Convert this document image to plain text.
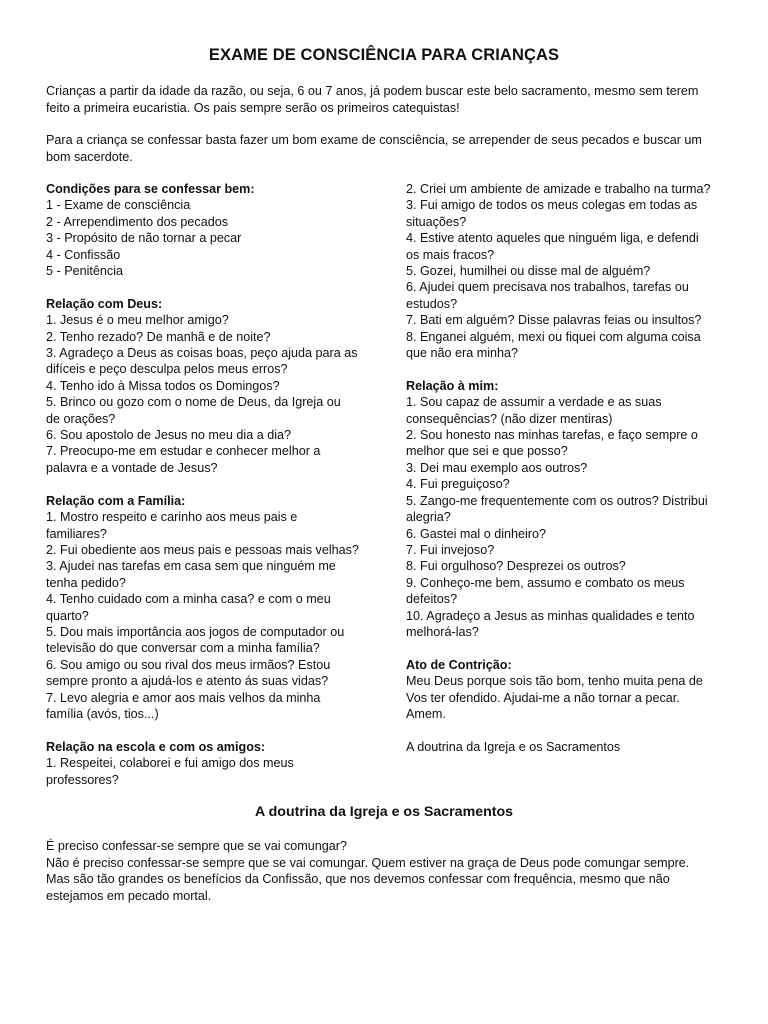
EXAME DE CONSCIÊNCIA PARA CRIANÇAS
Crianças a partir da idade da razão, ou seja, 6 ou 7 anos, já podem buscar este belo sacramento, mesmo sem terem
feito a primeira eucaristia. Os pais sempre serão os primeiros catequistas!
Para a criança se confessar basta fazer um bom exame de consciência, se arrepender de seus pecados e buscar um
bom sacerdote.
Condições para se confessar bem:
1 - Exame de consciência
2 - Arrependimento dos pecados
3 - Propósito de não tornar a pecar
4 - Confissão
5 - Penitência
Relação com Deus:
1. Jesus é o meu melhor amigo?
2. Tenho rezado? De manhã e de noite?
3. Agradeço a Deus as coisas boas, peço ajuda para as
difíceis e peço desculpa pelos meus erros?
4. Tenho ido à Missa todos os Domingos?
5. Brinco ou gozo com o nome de Deus, da Igreja ou
de orações?
6. Sou apostolo de Jesus no meu dia a dia?
7. Preocupo-me em estudar e conhecer melhor a
palavra e a vontade de Jesus?
Relação com a Família:
1. Mostro respeito e carinho aos meus pais e
familiares?
2. Fui obediente aos meus pais e pessoas mais velhas?
3. Ajudei nas tarefas em casa sem que ninguém me
tenha pedido?
4. Tenho cuidado com a minha casa? e com o meu
quarto?
5. Dou mais importância aos jogos de computador ou
televisão do que conversar com a minha família?
6. Sou amigo ou sou rival dos meus irmãos? Estou
sempre pronto a ajudá-los e atento ás suas vidas?
7. Levo alegria e amor aos mais velhos da minha
família (avós, tios...)
Relação na escola e com os amigos:
1. Respeitei, colaborei e fui amigo dos meus
professores?
2. Criei um ambiente de amizade e trabalho na turma?
3. Fui amigo de todos os meus colegas em todas as
situações?
4. Estive atento aqueles que ninguém liga, e defendi
os mais fracos?
5. Gozei, humilhei ou disse mal de alguém?
6. Ajudei quem precisava nos trabalhos, tarefas ou
estudos?
7. Bati em alguém? Disse palavras feias ou insultos?
8. Enganei alguém, mexi ou fiquei com alguma coisa
que não era minha?
Relação à mim:
1. Sou capaz de assumir a verdade e as suas
consequências? (não dizer mentiras)
2. Sou honesto nas minhas tarefas, e faço sempre o
melhor que sei e que posso?
3. Dei mau exemplo aos outros?
4. Fui preguiçoso?
5. Zango-me frequentemente com os outros? Distribui
alegria?
6. Gastei mal o dinheiro?
7. Fui invejoso?
8. Fui orgulhoso? Desprezei os outros?
9. Conheço-me bem, assumo e combato os meus
defeitos?
10. Agradeço a Jesus as minhas qualidades e tento
melhorá-las?
Ato de Contrição:
Meu Deus porque sois tão bom, tenho muita pena de
Vos ter ofendido. Ajudai-me a não tornar a pecar.
Amem.
A doutrina da Igreja e os Sacramentos
A doutrina da Igreja e os Sacramentos
É preciso confessar-se sempre que se vai comungar?
Não é preciso confessar-se sempre que se vai comungar. Quem estiver na graça de Deus pode comungar sempre.
Mas são tão grandes os benefícios da Confissão, que nos devemos confessar com frequência, mesmo que não
estejamos em pecado mortal.
